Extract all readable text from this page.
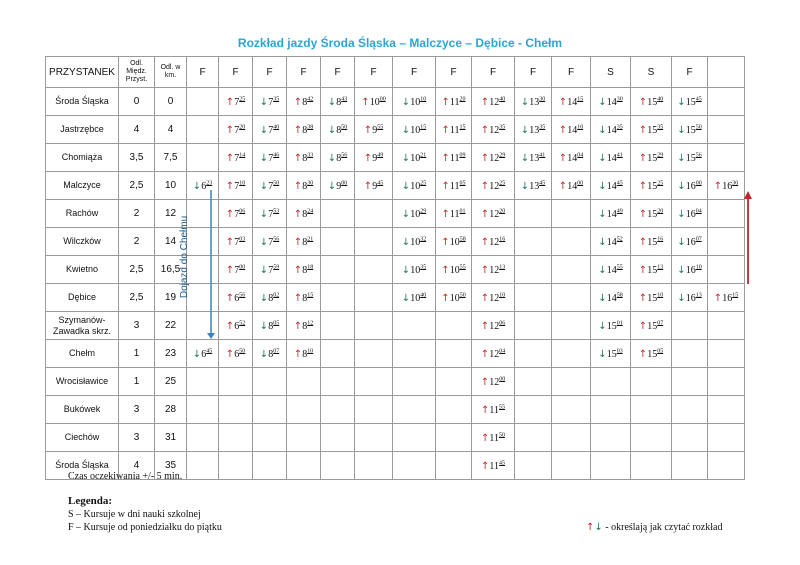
Rozkład jazdy Środa Śląska – Malczyce – Dębice - Chełm
PRZYSTANEK	Odl. Międz. Przyst.	Odl. w km.	F	F	F	F	F	F	F	F	F	F	F	S	S	F	
Środa Śląska	0	0		$↑7^{25}$	$↓7^{35}$	$↑8^{42}$	$↓8^{43}$	$↑10^{00}$	$↓10^{10}$	$↑11^{20}$	$↑12^{40}$	$↓13^{30}$	$↑14^{15}$	$↓14^{30}$	$↑15^{40}$	$↓15^{45}$	
Jastrzębce	4	4		$↑7^{20}$	$↓7^{40}$	$↑8^{38}$	$↓8^{50}$	$↑9^{55}$	$↓10^{15}$	$↑11^{15}$	$↑12^{35}$	$↓13^{35}$	$↑14^{10}$	$↓14^{35}$	$↑15^{35}$	$↓15^{50}$	
Chomiąża	3,5	7,5		$↑7^{14}$	$↓7^{46}$	$↑8^{33}$	$↓8^{56}$	$↑9^{49}$	$↓10^{21}$	$↑11^{09}$	$↑12^{29}$	$↓13^{41}$	$↑14^{04}$	$↓14^{41}$	$↑15^{29}$	$↓15^{56}$	
Malczyce	2,5	10	$↓6^{23}$	$↑7^{10}$	$↓7^{50}$	$↑8^{30}$	$↓9^{00}$	$↑9^{45}$	$↓10^{25}$	$↑11^{05}$	$↑12^{25}$	$↓13^{45}$	$↑14^{00}$	$↓14^{45}$	$↑15^{25}$	$↓16^{00}$	$↑16^{30}$
Rachów	2	12		$↑7^{06}$	$↓7^{53}$	$↑8^{24}$			$↓10^{29}$	$↑11^{01}$	$↑12^{20}$			$↓14^{49}$	$↑15^{20}$	$↓16^{04}$	
Wilczków	2	14		$↑7^{03}$	$↓7^{56}$	$↑8^{21}$			$↓10^{32}$	$↑10^{58}$	$↑12^{16}$			$↓14^{52}$	$↑15^{16}$	$↓16^{07}$	
Kwietno	2,5	16,5		$↑7^{00}$	$↓7^{59}$	$↑8^{18}$			$↓10^{35}$	$↑10^{55}$	$↑12^{13}$			$↓14^{55}$	$↑15^{13}$	$↓16^{10}$	
Dębice	2,5	19		$↑6^{56}$	$↓8^{02}$	$↑8^{15}$			$↓10^{40}$	$↑10^{50}$	$↑12^{10}$			$↓14^{58}$	$↑15^{10}$	$↓16^{13}$	$↑16^{15}$
Szymanów-Zawadka skrz.	3	22		$↑6^{52}$	$↓8^{05}$	$↑8^{12}$					$↑12^{06}$			$↓15^{01}$	$↑15^{07}$		
Chełm	1	23	$↓6^{45}$	$↑6^{50}$	$↓8^{07}$	$↑8^{10}$					$↑12^{04}$			$↓15^{03}$	$↑15^{05}$		
Wrocisławice	1	25									$↑12^{00}$						
Bukówek	3	28									$↑11^{55}$						
Ciechów	3	31									$↑11^{50}$						
Środa Śląska	4	35									$↑11^{45}$						
Dojazd do Chełmu
Czas oczekiwania +/- 5 min.
Legenda:
S – Kursuje w dni nauki szkolnej
F – Kursuje od poniedziałku do piątku	↑↓ - określają jak czytać rozkład
